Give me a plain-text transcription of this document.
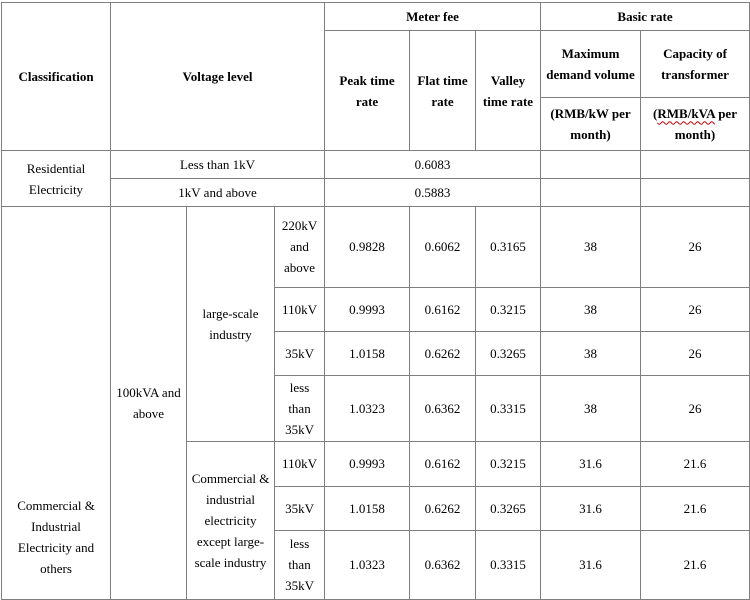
Classification	Voltage level			Meter fee			Basic rate	
				Peak time rate	Flat time rate	Valley time rate	Maximum demand volume	Capacity of transformer
							(RMB/kW per month)	(RMB/kVA per month)
Residential Electricity	Less than 1kV			0.6083				
	1kV and above			0.5883				
Commercial & Industrial Electricity and others	100kVA and above	large-scale industry	220kV and above	0.9828	0.6062	0.3165	38	26
			110kV	0.9993	0.6162	0.3215	38	26
			35kV	1.0158	0.6262	0.3265	38	26
			less than 35kV	1.0323	0.6362	0.3315	38	26
		Commercial & industrial electricity except large-scale industry	110kV	0.9993	0.6162	0.3215	31.6	21.6
			35kV	1.0158	0.6262	0.3265	31.6	21.6
			less than 35kV	1.0323	0.6362	0.3315	31.6	21.6
